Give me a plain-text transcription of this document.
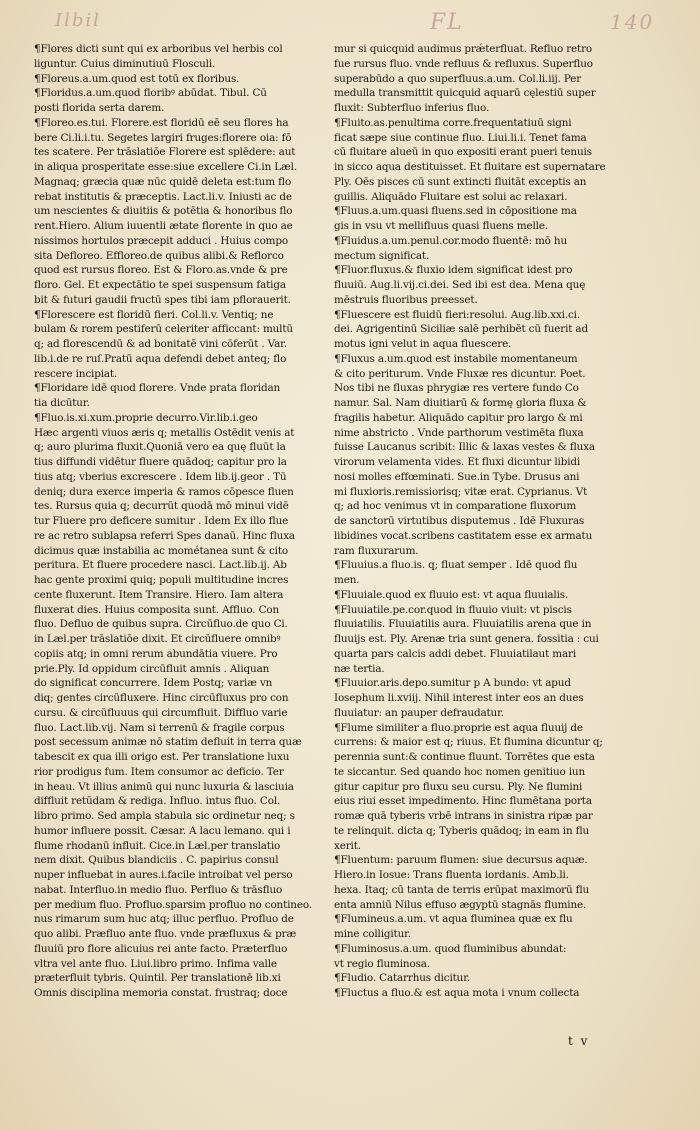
Ilbil	FL	140
¶Flores dicti sunt qui ex arboribus vel herbis col
liguntur. Cuius diminutiuū Flosculi.
¶Floreus.a.um.quod est totū ex floribus.
¶Floridus.a.um.quod floribꝰ abūdat. Tibul. Cū
posti florida serta darem.
¶Floreo.es.tui. Florere.est floridū eē seu flores ha
bere Ci.li.i.tu. Segetes largiri fruges:florere oia: fō
tes scatere. Per trāslatiōe Florere est splēdere: aut
in aliqua prosperitate esse:siue excellere Ci.in Læl.
Magnaq; græcia quæ nūc quidē deleta est:tum flo
rebat institutis & præceptis. Lact.li.v. Iniusti ac de
um nescientes & diuitiis & potētia & honoribus flo
rent.Hiero. Alium iuuentli ætate florente in quo ae
nissimos hortulos præcepit adduci . Huius compo
sita Defloreo. Effloreo.de quibus alibi.& Reflorco
quod est rursus floreo. Est & Floro.as.vnde & pre
floro. Gel. Et expectātio te spei suspensum fatiga
bit & futuri gaudii fructū spes tibi iam pflorauerit.
¶Florescere est floridū fieri. Col.li.v. Ventiq; ne
bulam & rorem pestiferū celeriter afficcant: multū
q; ad florescendū & ad bonitatē vini cōferūt . Var.
lib.i.de re ruſ.Pratū aqua defendi debet anteq; flo
rescere incipiat.
¶Floridare idē quod florere. Vnde prata floridan
tia dicūtur.
¶Fluo.is.xi.xum.proprie decurro.Vir.lib.i.geo
Hæc argenti viuos æris q; metallis Ostēdit venis at
q; auro plurima fluxit.Quoniā vero ea quę fluūt la
tius diffundi vidētur fluere quādoq; capitur pro la
tius atq; vberius excrescere . Idem lib.ij.geor . Tū
deniq; dura exerce imperia & ramos cōpesce fluen
tes. Rursus quia q; decurrūt quodā mō minui vidē
tur Fluere pro deficere sumitur . Idem Ex illo flue
re ac retro sublapsa referri Spes danaū. Hinc fluxa
dicimus quæ instabilia ac mométanea sunt & cito
peritura. Et fluere procedere nasci. Lact.lib.ij. Ab
hac gente proximi quiq; populi multitudine incres
cente fluxerunt. Item Transire. Hiero. Iam altera
fluxerat dies. Huius composita sunt. Affluo. Con
fluo. Defluo de quibus supra. Circūfluo.de quo Ci.
in Læl.per trāslatiōe dixit. Et circūfluere omnibꝰ
copiis atq; in omni rerum abundātia viuere. Pro
prie.Ply. Id oppidum circūfluit amnis . Aliquan
do significat concurrere. Idem Postq; variæ vn
diq; gentes circūfluxere. Hinc circūfluxus pro con
cursu. & circūfluuus qui circumfluit. Diffluo varie
fluo. Lact.lib.vij. Nam si terrenū & fragile corpus
post secessum animæ nō statim defluit in terra quæ
tabescit ex qua illi origo est. Per translatione luxu
rior prodigus fum. Item consumor ac deficio. Ter
in heau. Vt illius animū qui nunc luxuria & lasciuia
diffluit retūdam & rediga. Influo. intus fluo. Col.
libro primo. Sed ampla stabula sic ordinetur neq; s
humor influere possit. Cæsar. A lacu lemano. qui i
flume rhodanū influit. Cice.in Læl.per translatio
nem dixit. Quibus blandiciis . C. papirius consul
nuper influebat in aures.i.facile introibat vel perso
nabat. Interfluo.in medio fluo. Perfluo & trāsfluo
per medium fluo. Profluo.sparsim profluo no contineo.
nus rimarum sum huc atq; illuc perfluo. Profluo de
quo alibi. Præfluo ante fluo. vnde præfluxus & præ
fluuiū pro flore alicuius rei ante facto. Præterfluo
vltra vel ante fluo. Liui.libro primo. Infima valle
præterfluit tybris. Quintil. Per translationē lib.xi
Omnis disciplina memoria constat. frustraq; doce
mur si quicquid audimus prǽterfluat. Refluo retro
fue rursus fluo. vnde refluus & refluxus. Superfluo
superabūdo a quo superfluus.a.um. Col.li.iij. Per
medulla transmittit quicquid aquarū cęlestiū super
fluxit: Subterfluo inferius fluo.
¶Fluito.as.penultima corre.frequentatiuū signi
ficat sæpe siue continue fluo. Liui.li.i. Tenet fama
cū fluitare alueū in quo expositi erant pueri tenuis
in sicco aqua destituisset. Et fluitare est supernatare
Ply. Oēs pisces cū sunt extincti fluitāt exceptis an
guillis. Aliquādo Fluitare est solui ac relaxari.
¶Fluus.a.um.quasi fluens.sed in cōpositione ma
gis in vsu vt mellifluus quasi fluens melle.
¶Fluidus.a.um.penul.cor.modo fluentē: mō hu
mectum significat.
¶Fluor.fluxus.& fluxio idem significat idest pro
fluuiū. Aug.li.vij.ci.dei. Sed ibi est dea. Mena quę
mēstruis fluoribus preesset.
¶Fluescere est fluidū fieri:resolui. Aug.lib.xxi.ci.
dei. Agrigentinū Siciliæ salē perhibēt cū fuerit ad
motus igni velut in aqua fluescere.
¶Fluxus a.um.quod est instabile momentaneum
& cito periturum. Vnde Fluxæ res dicuntur. Poet.
Nos tibi ne fluxas phrygiæ res vertere fundo Co
namur. Sal. Nam diuitiarū & formę gloria fluxa &
fragilis habetur. Aliquādo capitur pro largo & mi
nime abstricto . Vnde parthorum vestimēta fluxa
fuisse Laucanus scribit: Illic & laxas vestes & fluxa
virorum velamenta vides. Et fluxi dicuntur libidi
nosi molles effœminati. Sue.in Tybe. Drusus ani
mi fluxioris.remissiorisq; vitæ erat. Cyprianus. Vt
q; ad hoc venimus vt in comparatione fluxorum
de sanctorū virtutibus disputemus . Idē Fluxuras
libidines vocat.scribens castitatem esse ex armatu
ram fluxurarum.
¶Fluuius.a fluo.is. q; fluat semper . Idē quod flu
men.
¶Fluuiale.quod ex fluuio est: vt aqua fluuialis.
¶Fluuiatile.pe.cor.quod in fluuio viuit: vt piscis
fluuiatilis. Fluuiatilis aura. Fluuiatilis arena que in
fluuijs est. Ply. Arenæ tria sunt genera. fossitia : cui
quarta pars calcis addi debet. Fluuiatilaut mari
næ tertia.
¶Fluuior.aris.depo.sumitur p A bundo: vt apud
Iosephum li.xviij. Nihil interest inter eos an dues
fluuiatur: an pauper defraudatur.
¶Flume similiter a fluo.proprie est aqua fluuij de
currens: & maior est q; riuus. Et flumina dicuntur q;
perennia sunt:& continue fluunt. Torrētes que esta
te siccantur. Sed quando hoc nomen genitiuo iun
gitur capitur pro fluxu seu cursu. Ply. Ne flumini
eius riui esset impedimento. Hinc flumētana porta
romæ quā tyberis vrbē intrans in sinistra ripæ par
te relinquit. dicta q; Tyberis quādoq; in eam in flu
xerit.
¶Fluentum: paruum flumen: siue decursus aquæ.
Hiero.in Iosue: Trans fluenta iordanis. Amb.li.
hexa. Itaq; cū tanta de terris erūpat maximorū flu
enta amniū Nilus effuso ægyptū stagnās flumine.
¶Flumineus.a.um. vt aqua fluminea quæ ex flu
mine colligitur.
¶Fluminosus.a.um. quod fluminibus abundat:
vt regio fluminosa.
¶Fludio. Catarrhus dicitur.
¶Fluctus a fluo.& est aqua mota i vnum collecta
t v
